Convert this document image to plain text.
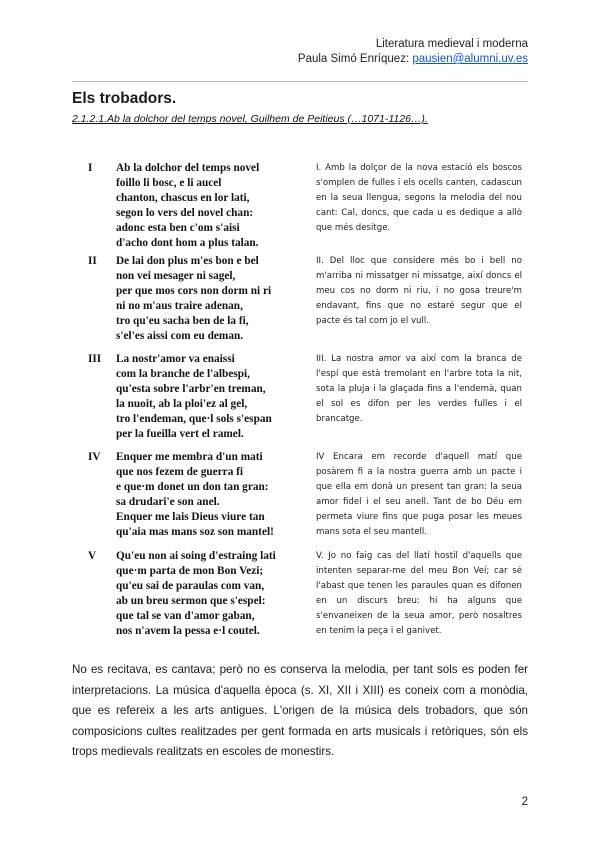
Literatura medieval i moderna
Paula Simó Enríquez: pausien@alumni.uv.es
Els trobadors.
2.1.2.1.Ab la dolchor del temps novel, Guilhem de Peitieus (…1071-1126…).
I Ab la dolchor del temps novel
foillo li bosc, e li aucel
chanton, chascus en lor lati,
segon lo vers del novel chan:
adonc esta ben c'om s'aisi
d'acho dont hom a plus talan.
I. Amb la dolçor de la nova estació els boscos s'omplen de fulles i els ocells canten, cadascun en la seua llengua, segons la melodia del nou cant: Cal, doncs, que cada u es dedique a allò que més desitge.
II De lai don plus m'es bon e bel
non vei mesager ni sagel,
per que mos cors non dorm ni ri
ni no m'aus traire adenan,
tro qu'eu sacha ben de la fi,
s'el'es aissi com eu deman.
II. Del lloc que considere més bo i bell no m'arriba ni missatger ni missatge, així doncs el meu cos no dorm ni riu, i no gosa treure'm endavant, fins que no estaré segur que el pacte és tal com jo el vull.
III La nostr'amor va enaissi
com la branche de l'albespi,
qu'esta sobre l'arbr'en treman,
la nuoit, ab la ploi'ez al gel,
tro l'endeman, que·l sols s'espan
per la fueilla vert el ramel.
III. La nostra amor va així com la branca de l'espí que està tremolant en l'arbre tota la nit, sota la pluja i la glaçada fins a l'endemà, quan el sol es difon per les verdes fulles i el brancatge.
IV Enquer me membra d'un mati
que nos fezem de guerra fi
e que·m donet un don tan gran:
sa drudari'e son anel.
Enquer me lais Dieus viure tan
qu'aia mas mans soz son mantel!
IV Encara em recorde d'aquell matí que posàrem fi a la nostra guerra amb un pacte i que ella em donà un present tan gran: la seua amor fidel i el seu anell. Tant de bo Déu em permeta viure fins que puga posar les meues mans sota el seu mantell.
V Qu'eu non ai soing d'estraing lati
que·m parta de mon Bon Vezi;
qu'eu sai de paraulas com van,
ab un breu sermon que s'espel:
que tal se van d'amor gaban,
nos n'avem la pessa e·l coutel.
V. Jo no faig cas del llatí hostil d'aquells que intenten separar-me del meu Bon Veí; car sé l'abast que tenen les paraules quan es difonen en un discurs breu: hi ha alguns que s'envaneixen de la seua amor, però nosaltres en tenim la peça i el ganivet.

No es recitava, es cantava; però no es conserva la melodia, per tant sols es poden fer interpretacions. La música d'aquella època (s. XI, XII i XIII) es coneix com a monòdia, que es refereix a les arts antigues. L'origen de la música dels trobadors, que són composicions cultes realitzades per gent formada en arts musicals i retòriques, són els trops medievals realitzats en escoles de monestirs.

2
